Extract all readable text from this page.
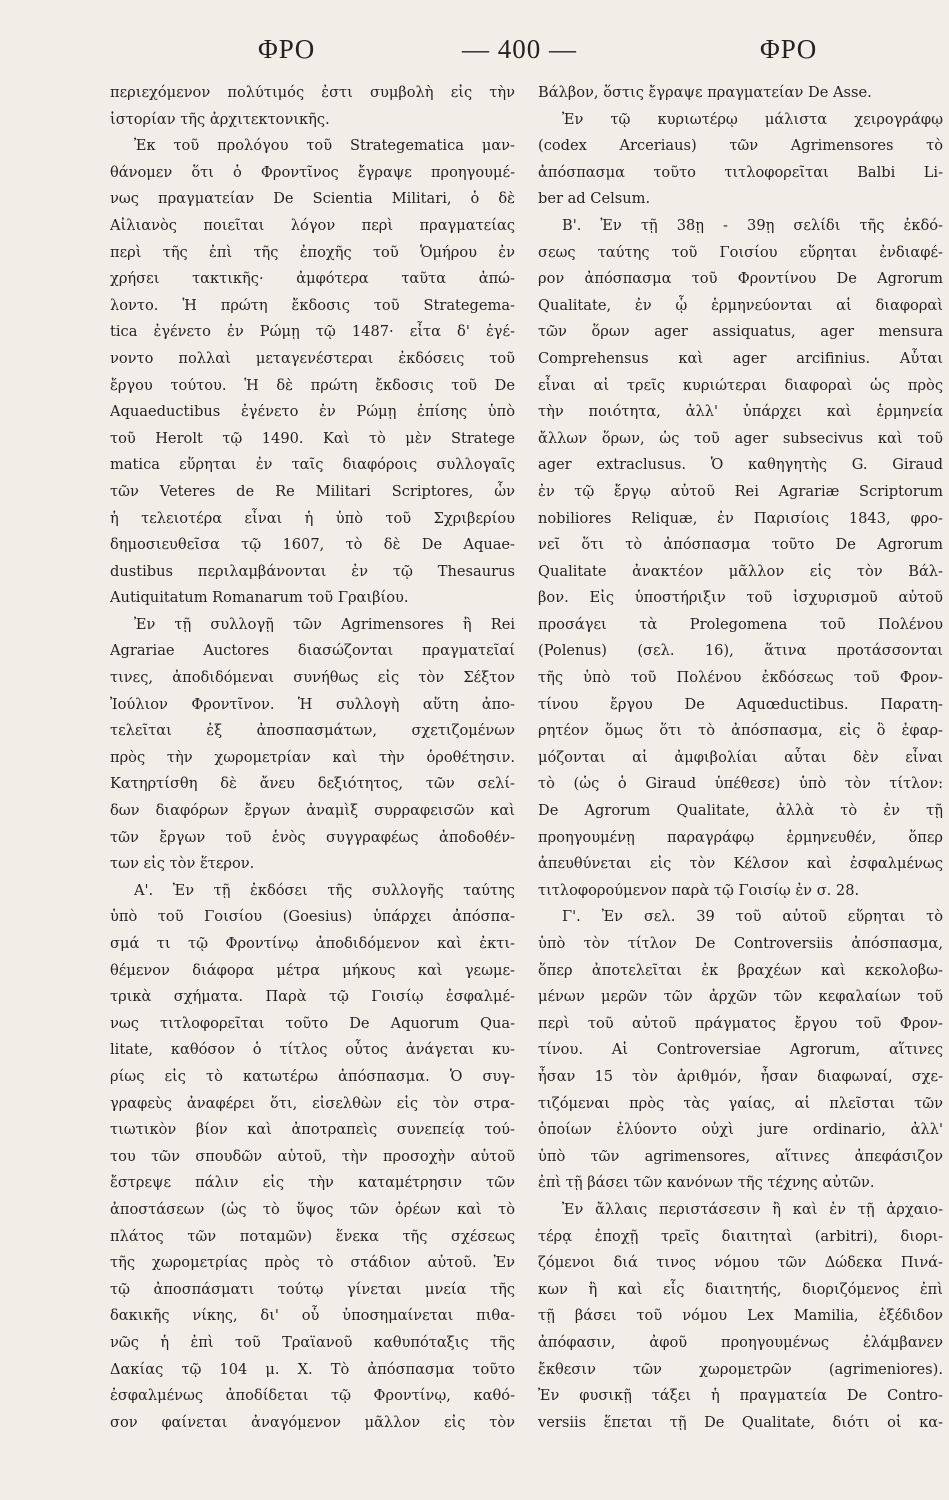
ΦΡΟ	— 400 —	ΦΡΟ
περιεχόμενον πολύτιμός ἐστι συμβολὴ εἰς τὴν
ἱστορίαν τῆς ἀρχιτεκτονικῆς.
Ἐκ τοῦ προλόγου τοῦ Strategematica μαν-
θάνομεν ὅτι ὁ Φροντῖνος ἔγραψε προηγουμέ-
νως πραγματείαν De Scientia Militari, ὁ δὲ
Αἰλιανὸς ποιεῖται λόγον περὶ πραγματείας
περὶ τῆς ἐπὶ τῆς ἐποχῆς τοῦ Ὁμήρου ἐν
χρήσει τακτικῆς· ἀμφότερα ταῦτα ἀπώ-
λοντο. Ἡ πρώτη ἔκδοσις τοῦ Strategema-
tica ἐγένετο ἐν Ρώμῃ τῷ 1487· εἶτα δ' ἐγέ-
νοντο πολλαὶ μεταγενέστεραι ἐκδόσεις τοῦ
ἔργου τούτου. Ἡ δὲ πρώτη ἔκδοσις τοῦ De
Aquaeductibus ἐγένετο ἐν Ρώμῃ ἐπίσης ὑπὸ
τοῦ Herolt τῷ 1490. Καὶ τὸ μὲν Stratege
matica εὕρηται ἐν ταῖς διαφόροις συλλογαῖς
τῶν Veteres de Re Militari Scriptores, ὧν
ἡ τελειοτέρα εἶναι ἡ ὑπὸ τοῦ Σχριβερίου
δημοσιευθεῖσα τῷ 1607, τὸ δὲ De Aquae-
dustibus περιλαμβάνονται ἐν τῷ Thesaurus
Autiquitatum Romanarum τοῦ Γραιβίου.
Ἐν τῇ συλλογῇ τῶν Agrimensores ἢ Rei
Agrariae Auctores διασώζονται πραγματεῖαί
τινες, ἀποδιδόμεναι συνήθως εἰς τὸν Σέξτον
Ἰούλιον Φροντῖνον. Ἡ συλλογὴ αὕτη ἀπο-
τελεῖται ἐξ ἀποσπασμάτων, σχετιζομένων
πρὸς τὴν χωρομετρίαν καὶ τὴν ὁροθέτησιν.
Κατηρτίσθη δὲ ἄνευ δεξιότητος, τῶν σελί-
δων διαφόρων ἔργων ἀναμὶξ συρραφεισῶν καὶ
τῶν ἔργων τοῦ ἑνὸς συγγραφέως ἀποδοθέν-
των εἰς τὸν ἕτερον.
Α'. Ἐν τῇ ἐκδόσει τῆς συλλογῆς ταύτης
ὑπὸ τοῦ Γοισίου (Goesius) ὑπάρχει ἀπόσπα-
σμά τι τῷ Φροντίνῳ ἀποδιδόμενον καὶ ἐκτι-
θέμενον διάφορα μέτρα μήκους καὶ γεωμε-
τρικὰ σχήματα. Παρὰ τῷ Γοισίῳ ἐσφαλμέ-
νως τιτλοφορεῖται τοῦτο De Aquorum Qua-
litate, καθόσον ὁ τίτλος οὗτος ἀνάγεται κυ-
ρίως εἰς τὸ κατωτέρω ἀπόσπασμα. Ὁ συγ-
γραφεὺς ἀναφέρει ὅτι, εἰσελθὼν εἰς τὸν στρα-
τιωτικὸν βίον καὶ ἀποτραπεὶς συνεπείᾳ τού-
του τῶν σπουδῶν αὑτοῦ, τὴν προσοχὴν αὑτοῦ
ἔστρεψε πάλιν εἰς τὴν καταμέτρησιν τῶν
ἀποστάσεων (ὡς τὸ ὕψος τῶν ὀρέων καὶ τὸ
πλάτος τῶν ποταμῶν) ἕνεκα τῆς σχέσεως
τῆς χωρομετρίας πρὸς τὸ στάδιον αὐτοῦ. Ἐν
τῷ ἀποσπάσματι τούτῳ γίνεται μνεία τῆς
δακικῆς νίκης, δι' οὗ ὑποσημαίνεται πιθα-
νῶς ἡ ἐπὶ τοῦ Τραϊανοῦ καθυπόταξις τῆς
Δακίας τῷ 104 μ. Χ. Τὸ ἀπόσπασμα τοῦτο
ἐσφαλμένως ἀποδίδεται τῷ Φροντίνῳ, καθό-
σον φαίνεται ἀναγόμενον μᾶλλον εἰς τὸν
Βάλβον, ὅστις ἔγραψε πραγματείαν De Asse.
Ἐν τῷ κυριωτέρῳ μάλιστα χειρογράφῳ
(codex Arceriaus) τῶν Agrimensores τὸ
ἀπόσπασμα τοῦτο τιτλοφορεῖται Balbi Li-
ber ad Celsum.
Β'. Ἐν τῇ 38ῃ - 39ῃ σελίδι τῆς ἐκδό-
σεως ταύτης τοῦ Γοισίου εὕρηται ἐνδιαφέ-
ρον ἀπόσπασμα τοῦ Φροντίνου De Agrorum
Qualitate, ἐν ᾧ ἑρμηνεύονται αἱ διαφοραὶ
τῶν ὅρων ager assiquatus, ager mensura
Comprehensus καὶ ager arcifinius. Αὗται
εἶναι αἱ τρεῖς κυριώτεραι διαφοραὶ ὡς πρὸς
τὴν ποιότητα, ἀλλ' ὑπάρχει καὶ ἑρμηνεία
ἄλλων ὅρων, ὡς τοῦ ager subsecivus καὶ τοῦ
ager extraclusus. Ὁ καθηγητὴς G. Giraud
ἐν τῷ ἔργῳ αὐτοῦ Rei Agrariæ Scriptorum
nobiliores Reliquæ, ἐν Παρισίοις 1843, φρο-
νεῖ ὅτι τὸ ἀπόσπασμα τοῦτο De Agrorum
Qualitate ἀνακτέον μᾶλλον εἰς τὸν Βάλ-
βον. Εἰς ὑποστήριξιν τοῦ ἰσχυρισμοῦ αὐτοῦ
προσάγει τὰ Prolegomena τοῦ Πολένου
(Polenus) (σελ. 16), ἅτινα προτάσσονται
τῆς ὑπὸ τοῦ Πολένου ἐκδόσεως τοῦ Φρον-
τίνου ἔργου De Aquœductibus. Παρατη-
ρητέον ὅμως ὅτι τὸ ἀπόσπασμα, εἰς ὃ ἐφαρ-
μόζονται αἱ ἀμφιβολίαι αὗται δὲν εἶναι
τὸ (ὡς ὁ Giraud ὑπέθεσε) ὑπὸ τὸν τίτλον:
De Agrorum Qualitate, ἀλλὰ τὸ ἐν τῇ
προηγουμένῃ παραγράφῳ ἑρμηνευθέν, ὅπερ
ἀπευθύνεται εἰς τὸν Κέλσον καὶ ἐσφαλμένως
τιτλοφορούμενον παρὰ τῷ Γοισίῳ ἐν σ. 28.
Γ'. Ἐν σελ. 39 τοῦ αὐτοῦ εὕρηται τὸ
ὑπὸ τὸν τίτλον De Controversiis ἀπόσπασμα,
ὅπερ ἀποτελεῖται ἐκ βραχέων καὶ κεκολοβω-
μένων μερῶν τῶν ἀρχῶν τῶν κεφαλαίων τοῦ
περὶ τοῦ αὐτοῦ πράγματος ἔργου τοῦ Φρον-
τίνου. Αἱ Controversiae Agrorum, αἵτινες
ἦσαν 15 τὸν ἀριθμόν, ἦσαν διαφωναί, σχε-
τιζόμεναι πρὸς τὰς γαίας, αἱ πλεῖσται τῶν
ὁποίων ἐλύοντο οὐχὶ jure ordinario, ἀλλ'
ὑπὸ τῶν agrimensores, αἵτινες ἀπεφάσιζον
ἐπὶ τῇ βάσει τῶν κανόνων τῆς τέχνης αὐτῶν.
Ἐν ἄλλαις περιστάσεσιν ἢ καὶ ἐν τῇ ἀρχαιο-
τέρᾳ ἐποχῇ τρεῖς διαιτηταὶ (arbitri), διορι-
ζόμενοι διά τινος νόμου τῶν Δώδεκα Πινά-
κων ἢ καὶ εἷς διαιτητής, διοριζόμενος ἐπὶ
τῇ βάσει τοῦ νόμου Lex Mamilia, ἐξέδιδον
ἀπόφασιν, ἀφοῦ προηγουμένως ἐλάμβανεν
ἔκθεσιν τῶν χωρομετρῶν (agrimeniores).
Ἐν φυσικῇ τάξει ἡ πραγματεία De Contro-
versiis ἕπεται τῇ De Qualitate, διότι οἱ κα-
